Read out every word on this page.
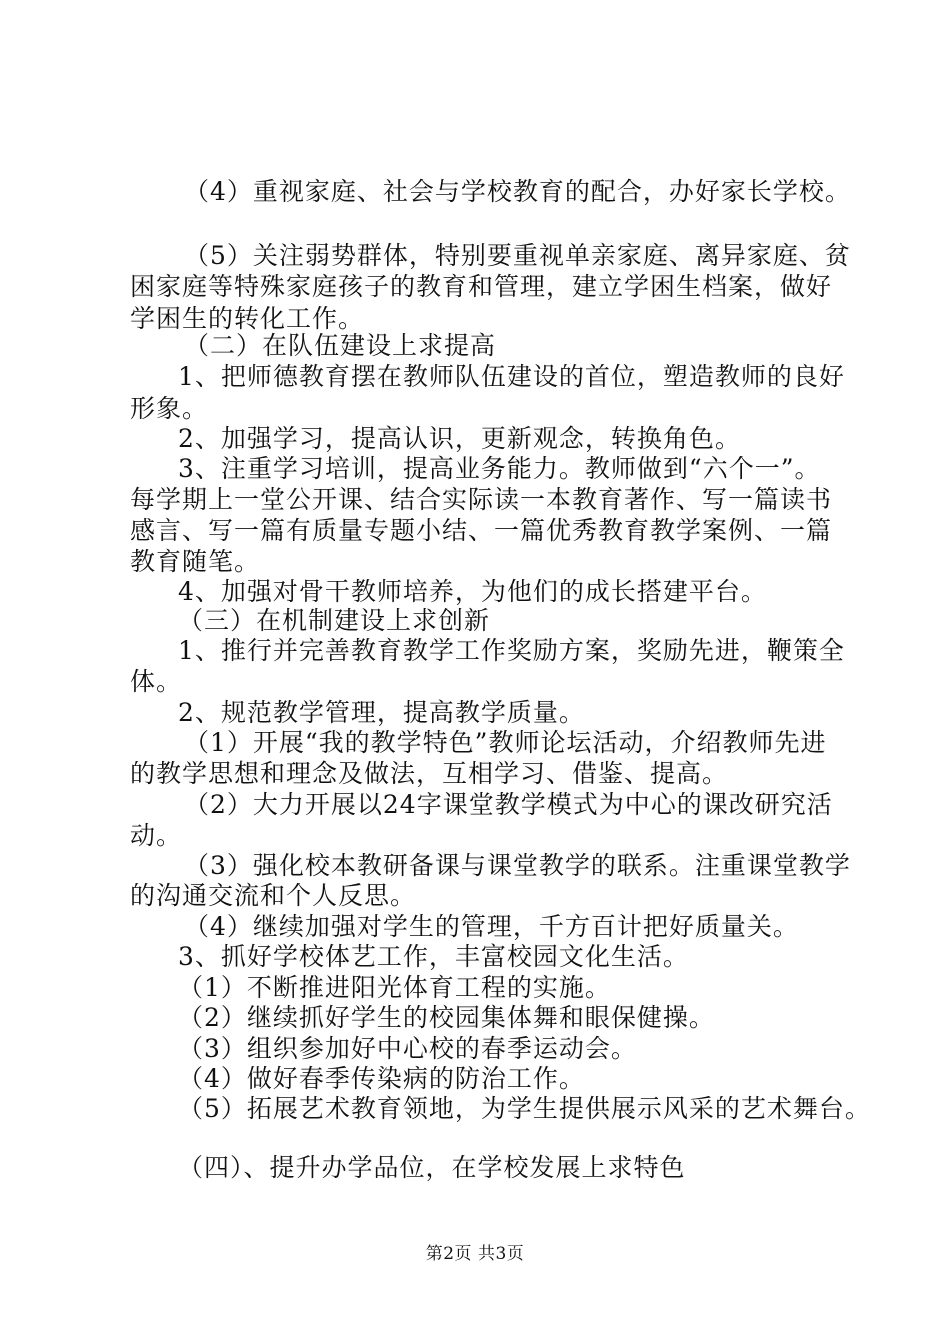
（4）重视家庭、社会与学校教育的配合，办好家长学校。
（5）关注弱势群体，特别要重视单亲家庭、离异家庭、贫
困家庭等特殊家庭孩子的教育和管理，建立学困生档案，做好
学困生的转化工作。
（二）在队伍建设上求提高
1、把师德教育摆在教师队伍建设的首位，塑造教师的良好
形象。
2、加强学习，提高认识，更新观念，转换角色。
3、注重学习培训，提高业务能力。教师做到“六个一”。
每学期上一堂公开课、结合实际读一本教育著作、写一篇读书
感言、写一篇有质量专题小结、一篇优秀教育教学案例、一篇
教育随笔。
4、加强对骨干教师培养，为他们的成长搭建平台。
（三）在机制建设上求创新
1、推行并完善教育教学工作奖励方案，奖励先进，鞭策全
体。
2、规范教学管理，提高教学质量。
（1）开展“我的教学特色”教师论坛活动，介绍教师先进
的教学思想和理念及做法，互相学习、借鉴、提高。
（2）大力开展以24字课堂教学模式为中心的课改研究活
动。
（3）强化校本教研备课与课堂教学的联系。注重课堂教学
的沟通交流和个人反思。
（4）继续加强对学生的管理，千方百计把好质量关。
3、抓好学校体艺工作，丰富校园文化生活。
（1）不断推进阳光体育工程的实施。
（2）继续抓好学生的校园集体舞和眼保健操。
（3）组织参加好中心校的春季运动会。
（4）做好春季传染病的防治工作。
（5）拓展艺术教育领地，为学生提供展示风采的艺术舞台。
（四）、提升办学品位，在学校发展上求特色
第2页 共3页
